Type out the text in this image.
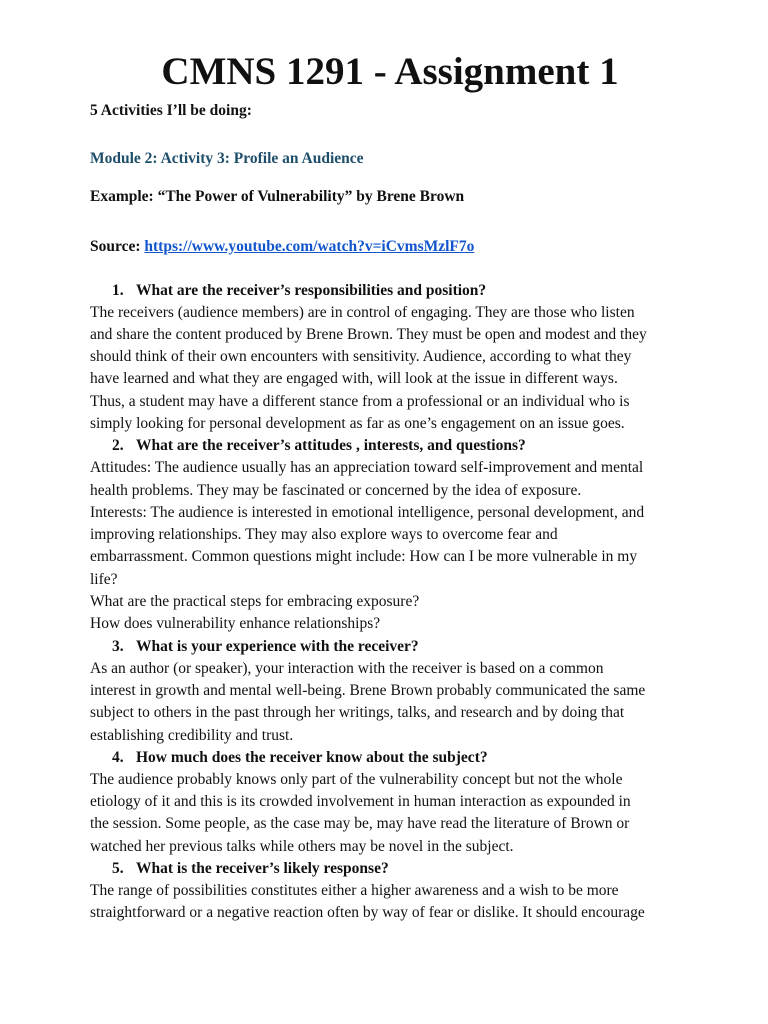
CMNS 1291 - Assignment 1

5 Activities I’ll be doing:

Module 2: Activity 3: Profile an Audience

Example: “The Power of Vulnerability” by Brene Brown

Source: https://www.youtube.com/watch?v=iCvmsMzlF7o

1. What are the receiver’s responsibilities and position?

The receivers (audience members) are in control of engaging. They are those who listen

and share the content produced by Brene Brown. They must be open and modest and they

should think of their own encounters with sensitivity. Audience, according to what they

have learned and what they are engaged with, will look at the issue in different ways.

Thus, a student may have a different stance from a professional or an individual who is

simply looking for personal development as far as one’s engagement on an issue goes.

2. What are the receiver’s attitudes , interests, and questions?

Attitudes: The audience usually has an appreciation toward self-improvement and mental

health problems. They may be fascinated or concerned by the idea of exposure.

Interests: The audience is interested in emotional intelligence, personal development, and

improving relationships. They may also explore ways to overcome fear and

embarrassment. Common questions might include: How can I be more vulnerable in my

life?

What are the practical steps for embracing exposure?

How does vulnerability enhance relationships?

3. What is your experience with the receiver?

As an author (or speaker), your interaction with the receiver is based on a common

interest in growth and mental well-being. Brene Brown probably communicated the same

subject to others in the past through her writings, talks, and research and by doing that

establishing credibility and trust.

4. How much does the receiver know about the subject?

The audience probably knows only part of the vulnerability concept but not the whole

etiology of it and this is its crowded involvement in human interaction as expounded in

the session. Some people, as the case may be, may have read the literature of Brown or

watched her previous talks while others may be novel in the subject.

5. What is the receiver’s likely response?

The range of possibilities constitutes either a higher awareness and a wish to be more

straightforward or a negative reaction often by way of fear or dislike. It should encourage
